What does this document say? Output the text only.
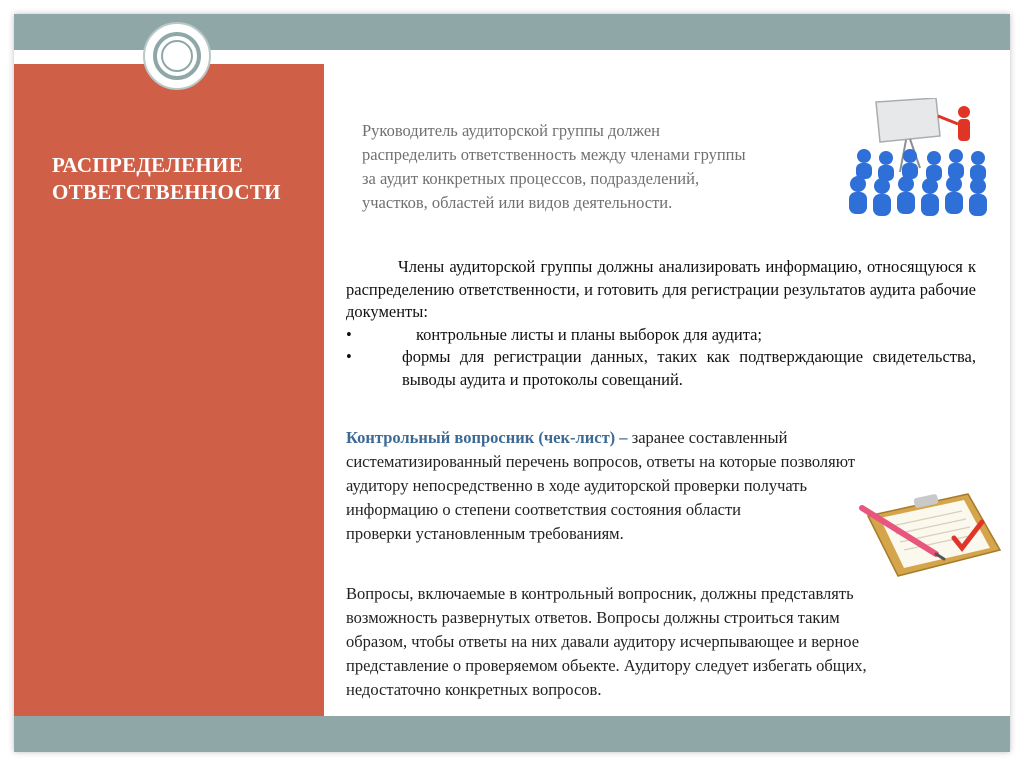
РАСПРЕДЕЛЕНИЕ
ОТВЕТСТВЕННОСТИ
Руководитель аудиторской группы должен
распределить ответственность между членами группы
за аудит конкретных процессов, подразделений,
участков, областей или видов деятельности.

Члены аудиторской группы должны анализировать информацию, относящуюся к распределению ответственности, и готовить для регистрации результатов аудита рабочие документы:

•	контрольные листы и планы выборок для аудита;
•	формы для регистрации данных, таких как подтверждающие свидетельства, выводы аудита и протоколы совещаний.
Контрольный вопросник (чек-лист) – заранее составленный
систематизированный перечень вопросов, ответы на которые позволяют
аудитору непосредственно в ходе аудиторской проверки получать
информацию о степени соответствия состояния области
проверки установленным требованиям.
Вопросы, включаемые в контрольный вопросник, должны представлять
возможность развернутых ответов. Вопросы должны строиться таким
образом, чтобы ответы на них давали аудитору исчерпывающее и верное
представление о проверяемом обьекте. Аудитору следует избегать общих,
недостаточно конкретных вопросов.
